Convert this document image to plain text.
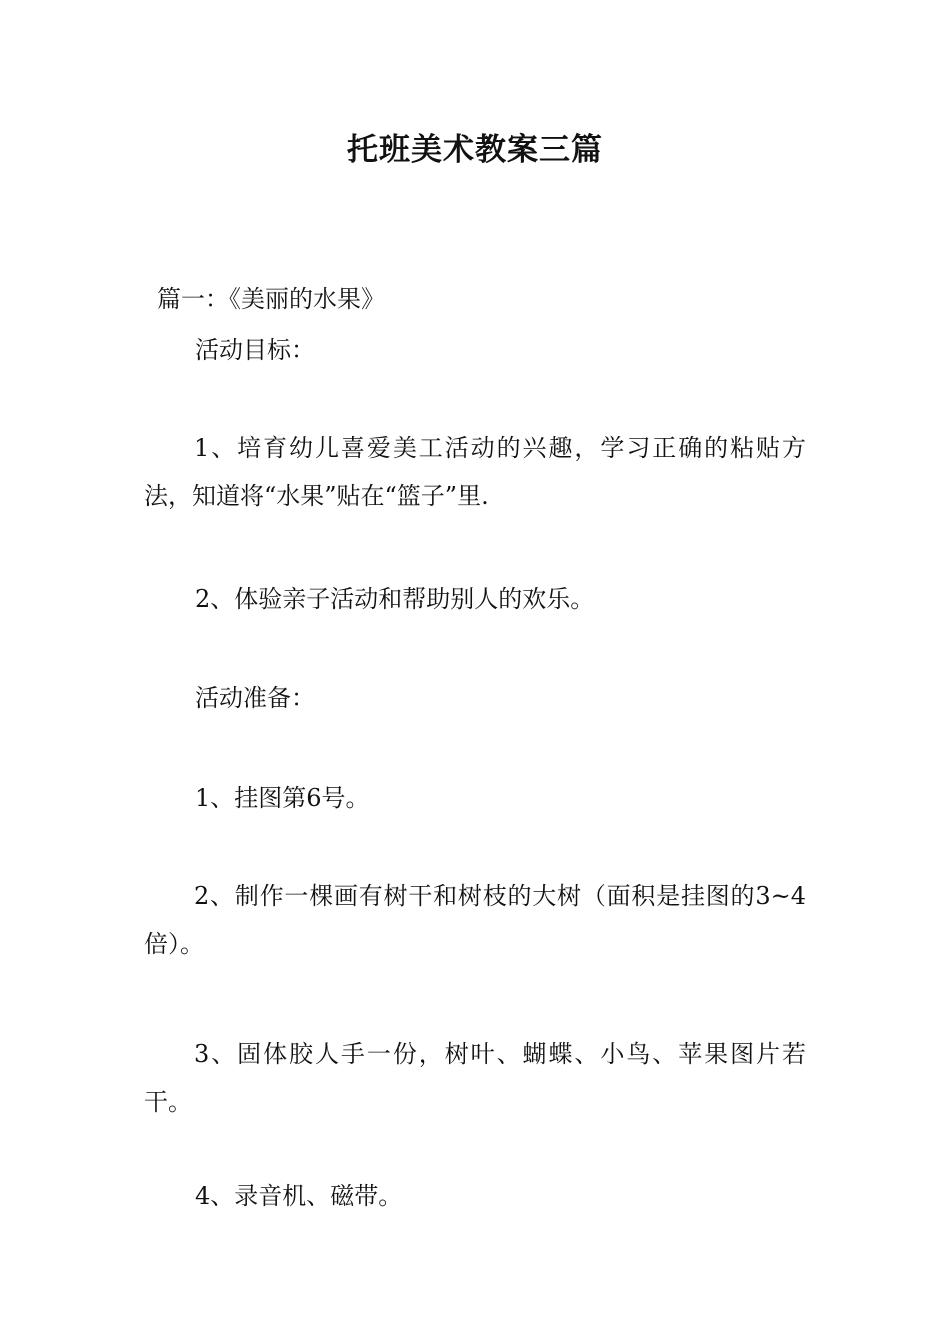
托班美术教案三篇
篇一：《美丽的水果》
活动目标：
1、培育幼儿喜爱美工活动的兴趣，学习正确的粘贴方法，知道将“水果”贴在“篮子”里.
2、体验亲子活动和帮助别人的欢乐。
活动准备：
1、挂图第6号。
2、制作一棵画有树干和树枝的大树（面积是挂图的3~4倍）。
3、固体胶人手一份，树叶、蝴蝶、小鸟、苹果图片若干。
4、录音机、磁带。
